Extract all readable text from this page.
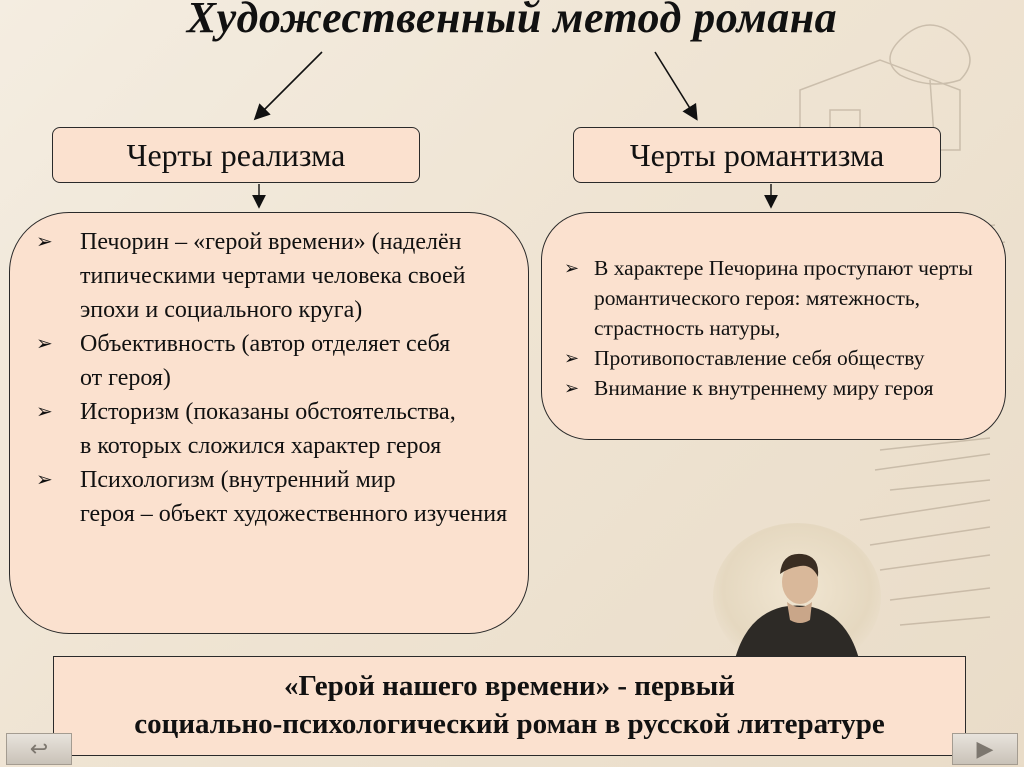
Художественный метод романа
Черты реализма	Черты романтизма
➢ Печорин – «герой времени» (наделён
типическими чертами человека своей эпохи и социального круга)
➢ Объективность (автор отделяет себя
от героя)
➢ Историзм (показаны обстоятельства,
в которых сложился характер героя
➢ Психологизм (внутренний мир
героя – объект художественного изучения
➢ В характере Печорина проступают черты романтического героя: мятежность, страстность натуры,
➢ Противопоставление себя обществу
➢ Внимание к внутреннему миру героя
«Герой нашего времени» - первый
социально-психологический роман в русской литературе
↩	▶
